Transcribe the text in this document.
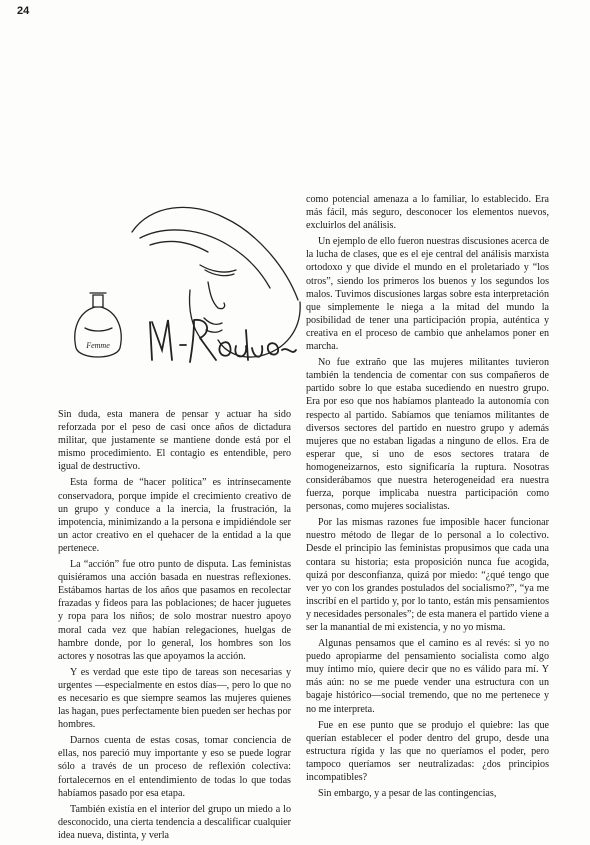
24
Femme

Sin duda, esta manera de pensar y actuar ha sido reforzada por el peso de casi once años de dictadura militar, que justamente se mantiene donde está por el mismo procedimiento. El contagio es entendible, pero igual de destructivo.

Esta forma de “hacer política” es intrínsecamente conservadora, porque impide el crecimiento creativo de un grupo y conduce a la inercia, la frustración, la impotencia, minimizando a la persona e impidiéndole ser un actor creativo en el quehacer de la entidad a la que pertenece.

La “acción” fue otro punto de disputa. Las feministas quisiéramos una acción basada en nuestras reflexiones. Estábamos hartas de los años que pasamos en recolectar frazadas y fideos para las poblaciones; de hacer juguetes y ropa para los niños; de solo mostrar nuestro apoyo moral cada vez que habían relegaciones, huelgas de hambre donde, por lo general, los hombres son los actores y nosotras las que apoyamos la acción.

Y es verdad que este tipo de tareas son necesarias y urgentes —especialmente en estos días—, pero lo que no es necesario es que siempre seamos las mujeres quienes las hagan, pues perfectamente bien pueden ser hechas por hombres.

Darnos cuenta de estas cosas, tomar conciencia de ellas, nos pareció muy importante y eso se puede lograr sólo a través de un proceso de reflexión colectiva: fortalecernos en el entendimiento de todas lo que todas habíamos pasado por esa etapa.

También existía en el interior del grupo un miedo a lo desconocido, una cierta tendencia a descalificar cualquier idea nueva, distinta, y verla

como potencial amenaza a lo familiar, lo establecido. Era más fácil, más seguro, desconocer los elementos nuevos, excluirlos del análisis.

Un ejemplo de ello fueron nuestras discusiones acerca de la lucha de clases, que es el eje central del análisis marxista ortodoxo y que divide el mundo en el proletariado y “los otros”, siendo los primeros los buenos y los segundos los malos. Tuvimos discusiones largas sobre esta interpretación que simplemente le niega a la mitad del mundo la posibilidad de tener una participación propia, auténtica y creativa en el proceso de cambio que anhelamos poner en marcha.

No fue extraño que las mujeres militantes tuvieron también la tendencia de comentar con sus compañeros de partido sobre lo que estaba sucediendo en nuestro grupo. Era por eso que nos habíamos planteado la autonomía con respecto al partido. Sabíamos que teníamos militantes de diversos sectores del partido en nuestro grupo y además mujeres que no estaban ligadas a ninguno de ellos. Era de esperar que, si uno de esos sectores tratara de homogeneizarnos, esto significaría la ruptura. Nosotras considerábamos que nuestra heterogeneidad era nuestra fuerza, porque implicaba nuestra participación como personas, como mujeres socialistas.

Por las mismas razones fue imposible hacer funcionar nuestro método de llegar de lo personal a lo colectivo. Desde el principio las feministas propusimos que cada una contara su historia; esta proposición nunca fue acogida, quizá por desconfianza, quizá por miedo: “¿qué tengo que ver yo con los grandes postulados del socialismo?”, “ya me inscribí en el partido y, por lo tanto, están mis pensamientos y necesidades personales”; de esta manera el partido viene a ser la manantial de mi existencia, y no yo misma.

Algunas pensamos que el camino es al revés: si yo no puedo apropiarme del pensamiento socialista como algo muy íntimo mío, quiere decir que no es válido para mí. Y más aún: no se me puede vender una estructura con un bagaje histórico—social tremendo, que no me pertenece y no me interpreta.

Fue en ese punto que se produjo el quiebre: las que querían establecer el poder dentro del grupo, desde una estructura rígida y las que no queríamos el poder, pero tampoco queríamos ser neutralizadas: ¿dos principios incompatibles?

Sin embargo, y a pesar de las contingencias,
